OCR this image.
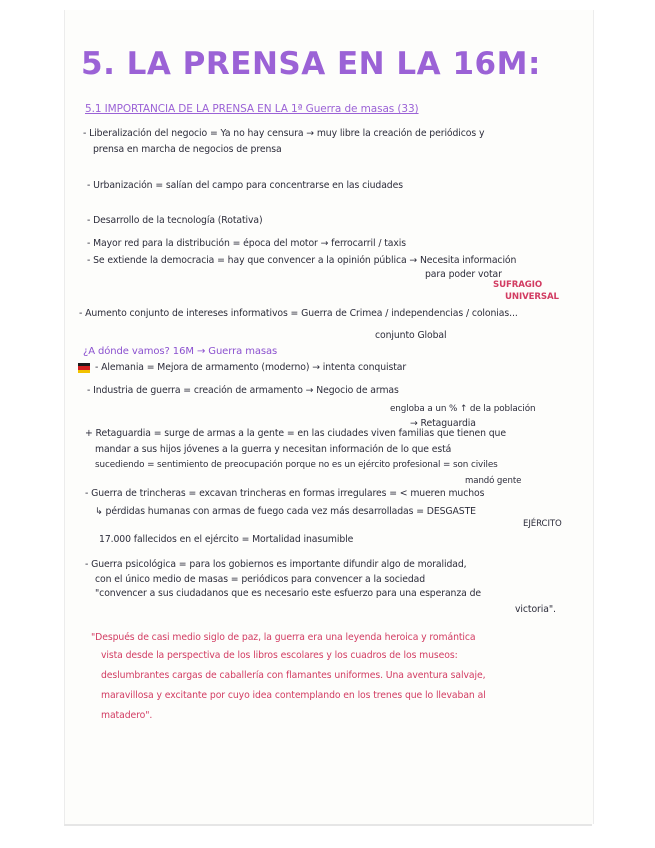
5. LA PRENSA EN LA 16M:
5.1 IMPORTANCIA DE LA PRENSA EN LA 1ª Guerra de masas (33)
- Liberalización del negocio = Ya no hay censura → muy libre la creación de periódicos y
prensa en marcha de negocios de prensa
- Urbanización = salían del campo para concentrarse en las ciudades
- Desarrollo de la tecnología (Rotativa)
- Mayor red para la distribución = época del motor → ferrocarril / taxis
- Se extiende la democracia = hay que convencer a la opinión pública → Necesita información
para poder votar
SUFRAGIO
UNIVERSAL
- Aumento conjunto de intereses informativos = Guerra de Crimea / independencias / colonias...
conjunto Global
¿A dónde vamos? 16M → Guerra masas
- Alemania = Mejora de armamento (moderno) → intenta conquistar
- Industria de guerra = creación de armamento → Negocio de armas
engloba a un % ↑ de la población
→ Retaguardia
+ Retaguardia = surge de armas a la gente = en las ciudades viven familias que tienen que
mandar a sus hijos jóvenes a la guerra y necesitan información de lo que está
sucediendo = sentimiento de preocupación porque no es un ejército profesional = son civiles
mandó gente
- Guerra de trincheras = excavan trincheras en formas irregulares = < mueren muchos
↳ pérdidas humanas con armas de fuego cada vez más desarrolladas = DESGASTE
EJÉRCITO
17.000 fallecidos en el ejército = Mortalidad inasumible
- Guerra psicológica = para los gobiernos es importante difundir algo de moralidad,
con el único medio de masas = periódicos para convencer a la sociedad
"convencer a sus ciudadanos que es necesario este esfuerzo para una esperanza de
victoria".
"Después de casi medio siglo de paz, la guerra era una leyenda heroica y romántica
vista desde la perspectiva de los libros escolares y los cuadros de los museos:
deslumbrantes cargas de caballería con flamantes uniformes. Una aventura salvaje,
maravillosa y excitante por cuyo idea contemplando en los trenes que lo llevaban al
matadero".
